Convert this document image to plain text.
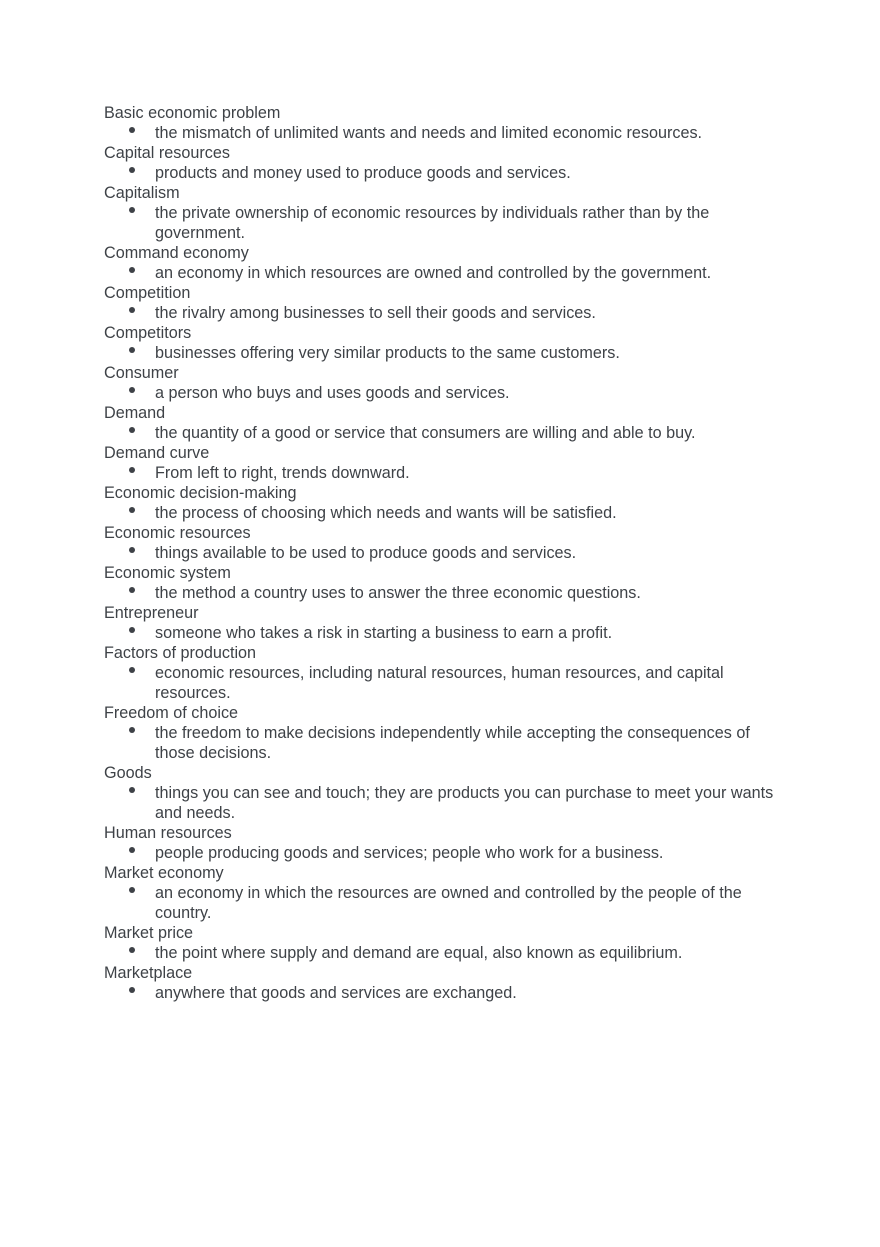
Basic economic problem
the mismatch of unlimited wants and needs and limited economic resources.
Capital resources
products and money used to produce goods and services.
Capitalism
the private ownership of economic resources by individuals rather than by the government.
Command economy
an economy in which resources are owned and controlled by the government.
Competition
the rivalry among businesses to sell their goods and services.
Competitors
businesses offering very similar products to the same customers.
Consumer
a person who buys and uses goods and services.
Demand
the quantity of a good or service that consumers are willing and able to buy.
Demand curve
From left to right, trends downward.
Economic decision-making
the process of choosing which needs and wants will be satisfied.
Economic resources
things available to be used to produce goods and services.
Economic system
the method a country uses to answer the three economic questions.
Entrepreneur
someone who takes a risk in starting a business to earn a profit.
Factors of production
economic resources, including natural resources, human resources, and capital resources.
Freedom of choice
the freedom to make decisions independently while accepting the consequences of those decisions.
Goods
things you can see and touch; they are products you can purchase to meet your wants and needs.
Human resources
people producing goods and services; people who work for a business.
Market economy
an economy in which the resources are owned and controlled by the people of the country.
Market price
the point where supply and demand are equal, also known as equilibrium.
Marketplace
anywhere that goods and services are exchanged.
